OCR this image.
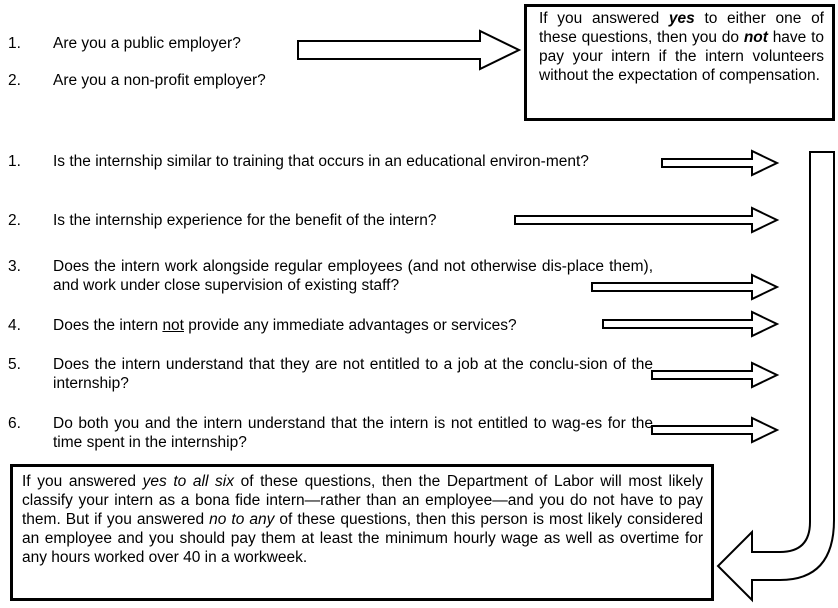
1. Are you a public employer?
2. Are you a non-profit employer?
If you answered yes to either one of these questions, then you do not have to pay your intern if the intern volunteers without the expectation of compensation.
1. Is the internship similar to training that occurs in an educational environ-ment?
2. Is the internship experience for the benefit of the intern?
3. Does the intern work alongside regular employees (and not otherwise dis-place them), and work under close supervision of existing staff?
4. Does the intern not provide any immediate advantages or services?
5. Does the intern understand that they are not entitled to a job at the conclu-sion of the internship?
6. Do both you and the intern understand that the intern is not entitled to wag-es for the time spent in the internship?
If you answered yes to all six of these questions, then the Department of Labor will most likely classify your intern as a bona fide intern—rather than an employee—and you do not have to pay them. But if you answered no to any of these questions, then this person is most likely considered an employee and you should pay them at least the minimum hourly wage as well as overtime for any hours worked over 40 in a workweek.
